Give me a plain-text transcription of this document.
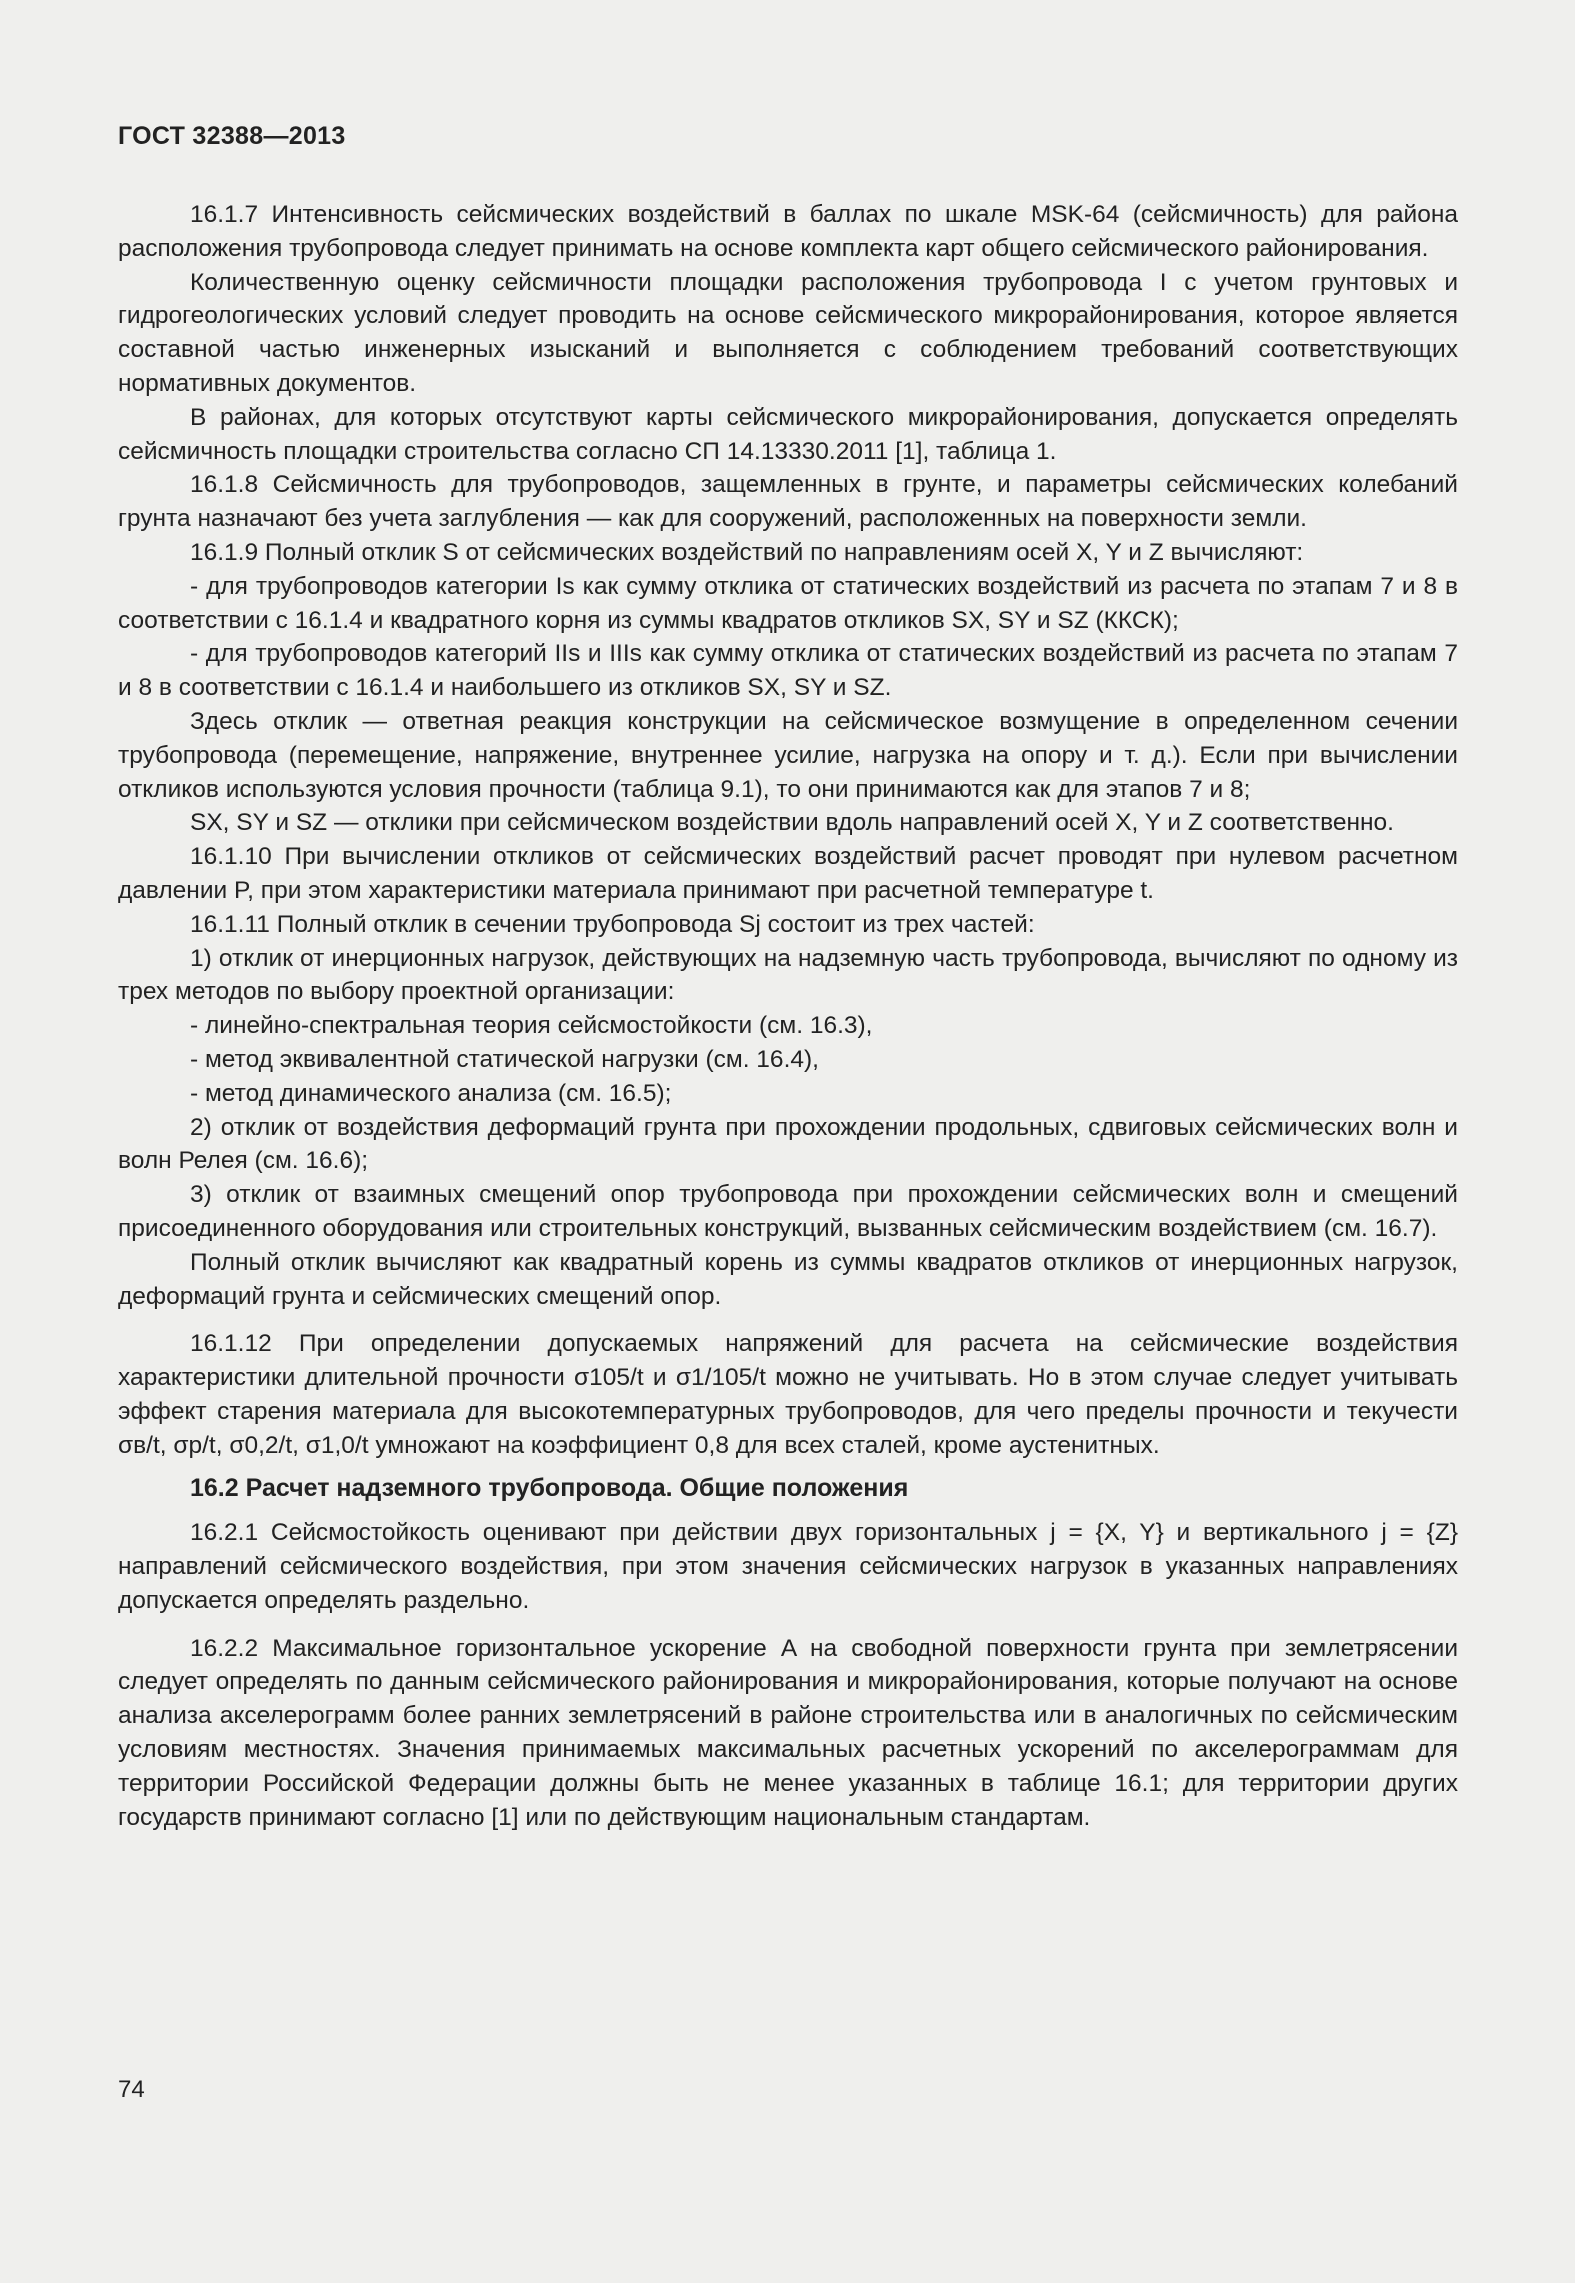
ГОСТ 32388—2013

16.1.7 Интенсивность сейсмических воздействий в баллах по шкале MSK-64 (сейсмичность) для района расположения трубопровода следует принимать на основе комплекта карт общего сейсмического районирования.

Количественную оценку сейсмичности площадки расположения трубопровода I с учетом грунтовых и гидрогеологических условий следует проводить на основе сейсмического микрорайонирования, которое является составной частью инженерных изысканий и выполняется с соблюдением требований соответствующих нормативных документов.

В районах, для которых отсутствуют карты сейсмического микрорайонирования, допускается определять сейсмичность площадки строительства согласно СП 14.13330.2011 [1], таблица 1.

16.1.8 Сейсмичность для трубопроводов, защемленных в грунте, и параметры сейсмических колебаний грунта назначают без учета заглубления — как для сооружений, расположенных на поверхности земли.

16.1.9 Полный отклик S от сейсмических воздействий по направлениям осей X, Y и Z вычисляют:

- для трубопроводов категории Is как сумму отклика от статических воздействий из расчета по этапам 7 и 8 в соответствии с 16.1.4 и квадратного корня из суммы квадратов откликов SX, SY и SZ (ККСК);

- для трубопроводов категорий IIs и IIIs как сумму отклика от статических воздействий из расчета по этапам 7 и 8 в соответствии с 16.1.4 и наибольшего из откликов SX, SY и SZ.

Здесь отклик — ответная реакция конструкции на сейсмическое возмущение в определенном сечении трубопровода (перемещение, напряжение, внутреннее усилие, нагрузка на опору и т. д.). Если при вычислении откликов используются условия прочности (таблица 9.1), то они принимаются как для этапов 7 и 8;

SX, SY и SZ — отклики при сейсмическом воздействии вдоль направлений осей X, Y и Z соответственно.

16.1.10 При вычислении откликов от сейсмических воздействий расчет проводят при нулевом расчетном давлении P, при этом характеристики материала принимают при расчетной температуре t.

16.1.11 Полный отклик в сечении трубопровода Sj состоит из трех частей:

1) отклик от инерционных нагрузок, действующих на надземную часть трубопровода, вычисляют по одному из трех методов по выбору проектной организации:

- линейно-спектральная теория сейсмостойкости (см. 16.3),

- метод эквивалентной статической нагрузки (см. 16.4),

- метод динамического анализа (см. 16.5);

2) отклик от воздействия деформаций грунта при прохождении продольных, сдвиговых сейсмических волн и волн Релея (см. 16.6);

3) отклик от взаимных смещений опор трубопровода при прохождении сейсмических волн и смещений присоединенного оборудования или строительных конструкций, вызванных сейсмическим воздействием (см. 16.7).

Полный отклик вычисляют как квадратный корень из суммы квадратов откликов от инерционных нагрузок, деформаций грунта и сейсмических смещений опор.

16.1.12 При определении допускаемых напряжений для расчета на сейсмические воздействия характеристики длительной прочности σ105/t и σ1/105/t можно не учитывать. Но в этом случае следует учитывать эффект старения материала для высокотемпературных трубопроводов, для чего пределы прочности и текучести σв/t, σp/t, σ0,2/t, σ1,0/t умножают на коэффициент 0,8 для всех сталей, кроме аустенитных.

16.2 Расчет надземного трубопровода. Общие положения

16.2.1 Сейсмостойкость оценивают при действии двух горизонтальных j = {X, Y} и вертикального j = {Z} направлений сейсмического воздействия, при этом значения сейсмических нагрузок в указанных направлениях допускается определять раздельно.

16.2.2 Максимальное горизонтальное ускорение A на свободной поверхности грунта при землетрясении следует определять по данным сейсмического районирования и микрорайонирования, которые получают на основе анализа акселерограмм более ранних землетрясений в районе строительства или в аналогичных по сейсмическим условиям местностях. Значения принимаемых максимальных расчетных ускорений по акселерограммам для территории Российской Федерации должны быть не менее указанных в таблице 16.1; для территории других государств принимают согласно [1] или по действующим национальным стандартам.

74
